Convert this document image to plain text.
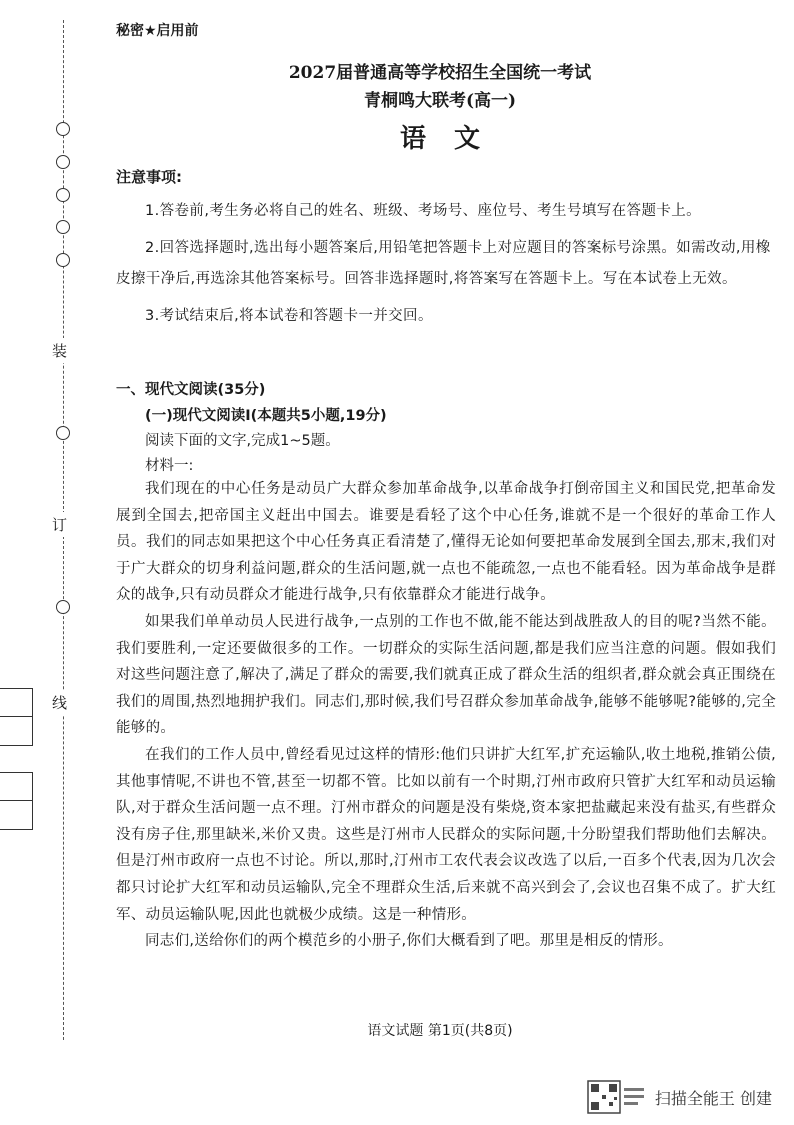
装
订
线
秘密★启用前
2027届普通高等学校招生全国统一考试
青桐鸣大联考(高一)
语文
注意事项:

1.答卷前,考生务必将自己的姓名、班级、考场号、座位号、考生号填写在答题卡上。

2.回答选择题时,选出每小题答案后,用铅笔把答题卡上对应题目的答案标号涂黑。如需改动,用橡皮擦干净后,再选涂其他答案标号。回答非选择题时,将答案写在答题卡上。写在本试卷上无效。

3.考试结束后,将本试卷和答题卡一并交回。

一、现代文阅读(35分)
(一)现代文阅读Ⅰ(本题共5小题,19分)
阅读下面的文字,完成1~5题。
材料一:

我们现在的中心任务是动员广大群众参加革命战争,以革命战争打倒帝国主义和国民党,把革命发展到全国去,把帝国主义赶出中国去。谁要是看轻了这个中心任务,谁就不是一个很好的革命工作人员。我们的同志如果把这个中心任务真正看清楚了,懂得无论如何要把革命发展到全国去,那末,我们对于广大群众的切身利益问题,群众的生活问题,就一点也不能疏忽,一点也不能看轻。因为革命战争是群众的战争,只有动员群众才能进行战争,只有依靠群众才能进行战争。

如果我们单单动员人民进行战争,一点别的工作也不做,能不能达到战胜敌人的目的呢?当然不能。我们要胜利,一定还要做很多的工作。一切群众的实际生活问题,都是我们应当注意的问题。假如我们对这些问题注意了,解决了,满足了群众的需要,我们就真正成了群众生活的组织者,群众就会真正围绕在我们的周围,热烈地拥护我们。同志们,那时候,我们号召群众参加革命战争,能够不能够呢?能够的,完全能够的。

在我们的工作人员中,曾经看见过这样的情形:他们只讲扩大红军,扩充运输队,收土地税,推销公债,其他事情呢,不讲也不管,甚至一切都不管。比如以前有一个时期,汀州市政府只管扩大红军和动员运输队,对于群众生活问题一点不理。汀州市群众的问题是没有柴烧,资本家把盐藏起来没有盐买,有些群众没有房子住,那里缺米,米价又贵。这些是汀州市人民群众的实际问题,十分盼望我们帮助他们去解决。但是汀州市政府一点也不讨论。所以,那时,汀州市工农代表会议改选了以后,一百多个代表,因为几次会都只讨论扩大红军和动员运输队,完全不理群众生活,后来就不高兴到会了,会议也召集不成了。扩大红军、动员运输队呢,因此也就极少成绩。这是一种情形。

同志们,送给你们的两个模范乡的小册子,你们大概看到了吧。那里是相反的情形。

语文试题 第1页(共8页)
扫描全能王 创建
